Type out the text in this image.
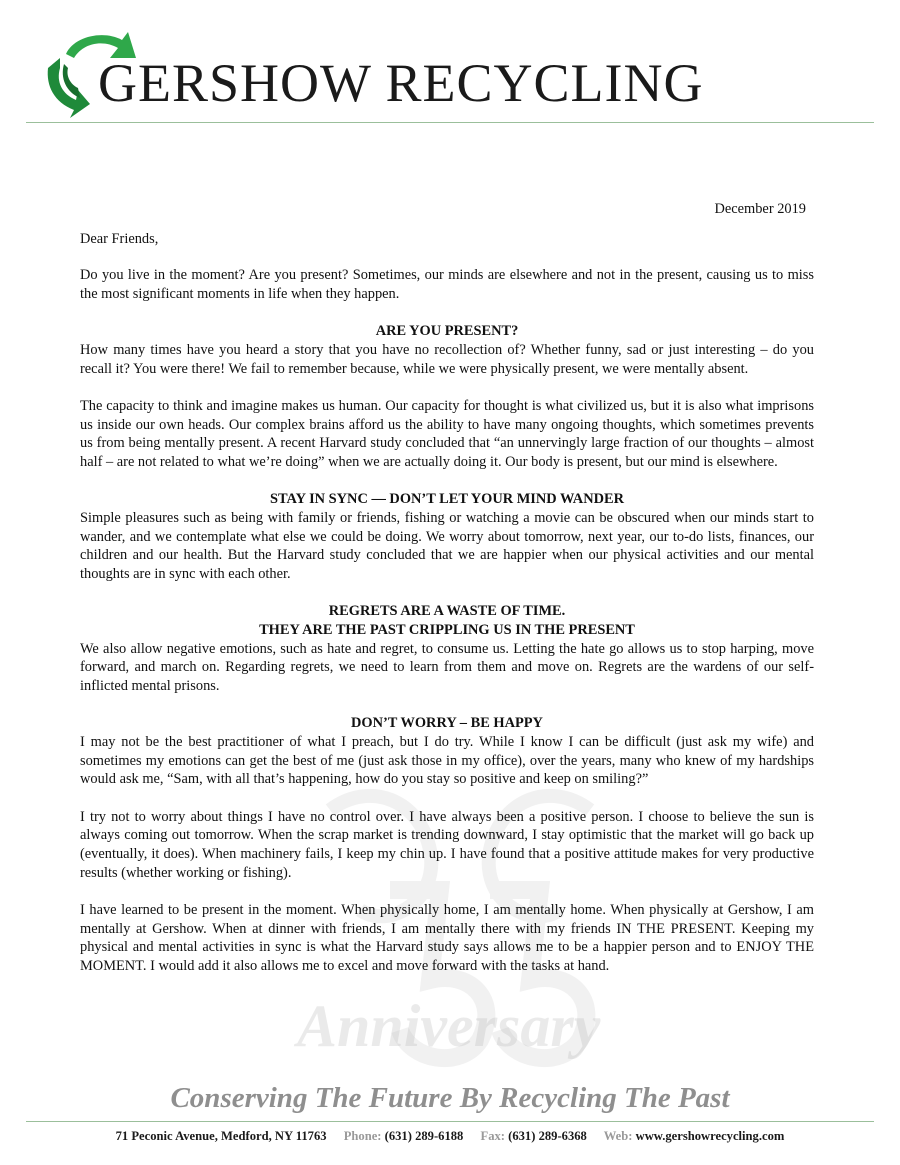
GERSHOW RECYCLING
Anniversary

December 2019

Dear Friends,

Do you live in the moment? Are you present? Sometimes, our minds are elsewhere and not in the present, causing us to miss the most significant moments in life when they happen.

ARE YOU PRESENT?

How many times have you heard a story that you have no recollection of? Whether funny, sad or just interesting – do you recall it? You were there! We fail to remember because, while we were physically present, we were mentally absent.

The capacity to think and imagine makes us human. Our capacity for thought is what civilized us, but it is also what imprisons us inside our own heads. Our complex brains afford us the ability to have many ongoing thoughts, which sometimes prevents us from being mentally present. A recent Harvard study concluded that “an unnervingly large fraction of our thoughts – almost half – are not related to what we’re doing” when we are actually doing it. Our body is present, but our mind is elsewhere.

STAY IN SYNC — DON’T LET YOUR MIND WANDER

Simple pleasures such as being with family or friends, fishing or watching a movie can be obscured when our minds start to wander, and we contemplate what else we could be doing. We worry about tomorrow, next year, our to-do lists, finances, our children and our health. But the Harvard study concluded that we are happier when our physical activities and our mental thoughts are in sync with each other.

REGRETS ARE A WASTE OF TIME.

THEY ARE THE PAST CRIPPLING US IN THE PRESENT

We also allow negative emotions, such as hate and regret, to consume us. Letting the hate go allows us to stop harping, move forward, and march on. Regarding regrets, we need to learn from them and move on. Regrets are the wardens of our self-inflicted mental prisons.

DON’T WORRY – BE HAPPY

I may not be the best practitioner of what I preach, but I do try. While I know I can be difficult (just ask my wife) and sometimes my emotions can get the best of me (just ask those in my office), over the years, many who knew of my hardships would ask me, “Sam, with all that’s happening, how do you stay so positive and keep on smiling?”

I try not to worry about things I have no control over. I have always been a positive person. I choose to believe the sun is always coming out tomorrow. When the scrap market is trending downward, I stay optimistic that the market will go back up (eventually, it does). When machinery fails, I keep my chin up. I have found that a positive attitude makes for very productive results (whether working or fishing).

I have learned to be present in the moment. When physically home, I am mentally home. When physically at Gershow, I am mentally at Gershow. When at dinner with friends, I am mentally there with my friends IN THE PRESENT. Keeping my physical and mental activities in sync is what the Harvard study says allows me to be a happier person and to ENJOY THE MOMENT. I would add it also allows me to excel and move forward with the tasks at hand.

Conserving The Future By Recycling The Past
71 Peconic Avenue, Medford, NY 11763 Phone: (631) 289-6188 Fax: (631) 289-6368 Web: www.gershowrecycling.com
